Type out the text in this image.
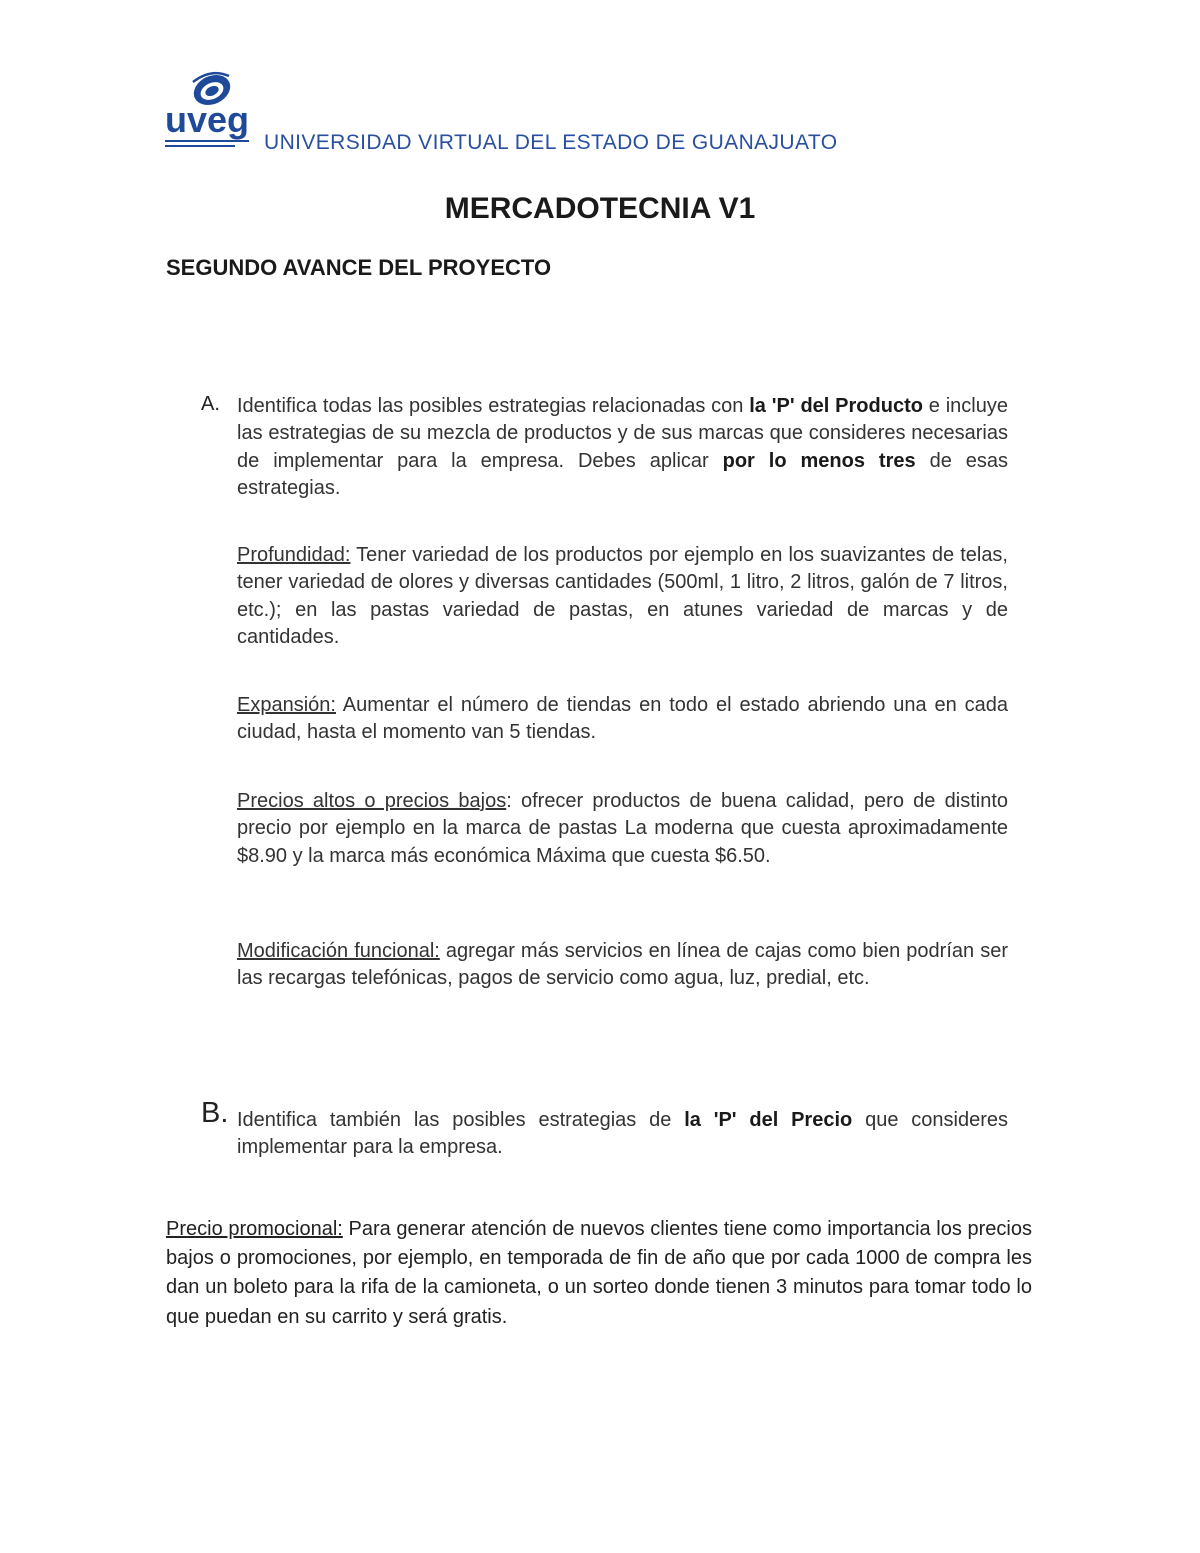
uveg
UNIVERSIDAD VIRTUAL DEL ESTADO DE GUANAJUATO
MERCADOTECNIA V1
SEGUNDO AVANCE DEL PROYECTO
A. Identifica todas las posibles estrategias relacionadas con la 'P' del Producto e incluye las estrategias de su mezcla de productos y de sus marcas que consideres necesarias de implementar para la empresa. Debes aplicar por lo menos tres de esas estrategias.
Profundidad: Tener variedad de los productos por ejemplo en los suavizantes de telas, tener variedad de olores y diversas cantidades (500ml, 1 litro, 2 litros, galón de 7 litros, etc.); en las pastas variedad de pastas, en atunes variedad de marcas y de cantidades.
Expansión: Aumentar el número de tiendas en todo el estado abriendo una en cada ciudad, hasta el momento van 5 tiendas.
Precios altos o precios bajos: ofrecer productos de buena calidad, pero de distinto precio por ejemplo en la marca de pastas La moderna que cuesta aproximadamente $8.90 y la marca más económica Máxima que cuesta $6.50.
Modificación funcional: agregar más servicios en línea de cajas como bien podrían ser las recargas telefónicas, pagos de servicio como agua, luz, predial, etc.
B. Identifica también las posibles estrategias de la 'P' del Precio que consideres implementar para la empresa.
Precio promocional: Para generar atención de nuevos clientes tiene como importancia los precios bajos o promociones, por ejemplo, en temporada de fin de año que por cada 1000 de compra les dan un boleto para la rifa de la camioneta, o un sorteo donde tienen 3 minutos para tomar todo lo que puedan en su carrito y será gratis.
